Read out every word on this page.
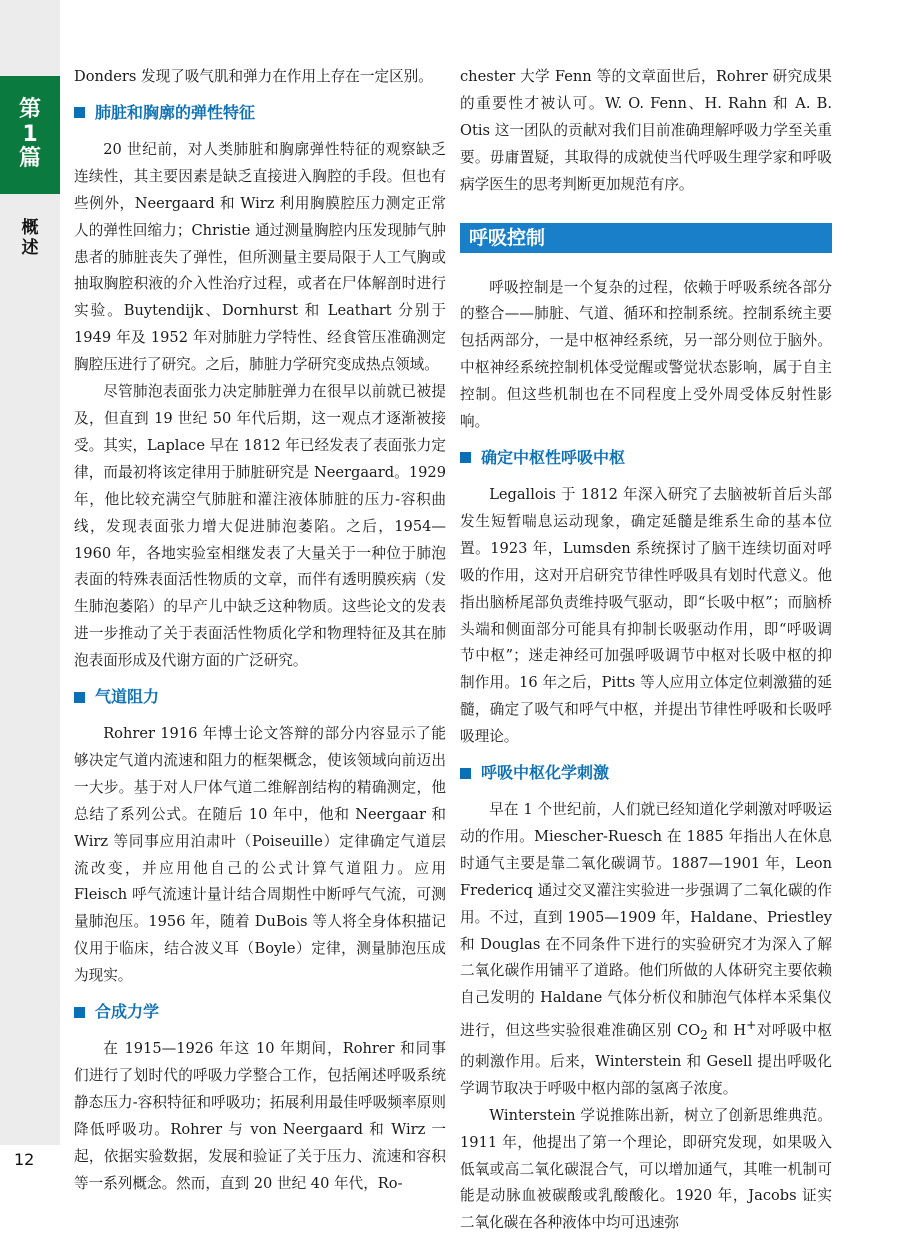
第
1
篇
概
述
12

Donders 发现了吸气肌和弹力在作用上存在一定区别。

肺脏和胸廓的弹性特征

20 世纪前，对人类肺脏和胸廓弹性特征的观察缺乏连续性，其主要因素是缺乏直接进入胸腔的手段。但也有些例外，Neergaard 和 Wirz 利用胸膜腔压力测定正常人的弹性回缩力；Christie 通过测量胸腔内压发现肺气肿患者的肺脏丧失了弹性，但所测量主要局限于人工气胸或抽取胸腔积液的介入性治疗过程，或者在尸体解剖时进行实验。Buytendijk、Dornhurst 和 Leathart 分别于 1949 年及 1952 年对肺脏力学特性、经食管压准确测定胸腔压进行了研究。之后，肺脏力学研究变成热点领域。

尽管肺泡表面张力决定肺脏弹力在很早以前就已被提及，但直到 19 世纪 50 年代后期，这一观点才逐渐被接受。其实，Laplace 早在 1812 年已经发表了表面张力定律，而最初将该定律用于肺脏研究是 Neergaard。1929 年，他比较充满空气肺脏和灌注液体肺脏的压力-容积曲线，发现表面张力增大促进肺泡萎陷。之后，1954—1960 年，各地实验室相继发表了大量关于一种位于肺泡表面的特殊表面活性物质的文章，而伴有透明膜疾病（发生肺泡萎陷）的早产儿中缺乏这种物质。这些论文的发表进一步推动了关于表面活性物质化学和物理特征及其在肺泡表面形成及代谢方面的广泛研究。

气道阻力

Rohrer 1916 年博士论文答辩的部分内容显示了能够决定气道内流速和阻力的框架概念，使该领域向前迈出一大步。基于对人尸体气道二维解剖结构的精确测定，他总结了系列公式。在随后 10 年中，他和 Neergaar 和 Wirz 等同事应用泊肃叶（Poiseuille）定律确定气道层流改变，并应用他自己的公式计算气道阻力。应用 Fleisch 呼气流速计量计结合周期性中断呼气气流，可测量肺泡压。1956 年，随着 DuBois 等人将全身体积描记仪用于临床，结合波义耳（Boyle）定律，测量肺泡压成为现实。

合成力学

在 1915—1926 年这 10 年期间，Rohrer 和同事们进行了划时代的呼吸力学整合工作，包括阐述呼吸系统静态压力-容积特征和呼吸功；拓展利用最佳呼吸频率原则降低呼吸功。Rohrer 与 von Neergaard 和 Wirz 一起，依据实验数据，发展和验证了关于压力、流速和容积等一系列概念。然而，直到 20 世纪 40 年代，Ro-

chester 大学 Fenn 等的文章面世后，Rohrer 研究成果的重要性才被认可。W. O. Fenn、H. Rahn 和 A. B. Otis 这一团队的贡献对我们目前准确理解呼吸力学至关重要。毋庸置疑，其取得的成就使当代呼吸生理学家和呼吸病学医生的思考判断更加规范有序。

呼吸控制

呼吸控制是一个复杂的过程，依赖于呼吸系统各部分的整合——肺脏、气道、循环和控制系统。控制系统主要包括两部分，一是中枢神经系统，另一部分则位于脑外。中枢神经系统控制机体受觉醒或警觉状态影响，属于自主控制。但这些机制也在不同程度上受外周受体反射性影响。

确定中枢性呼吸中枢

Legallois 于 1812 年深入研究了去脑被斩首后头部发生短暂喘息运动现象，确定延髓是维系生命的基本位置。1923 年，Lumsden 系统探讨了脑干连续切面对呼吸的作用，这对开启研究节律性呼吸具有划时代意义。他指出脑桥尾部负责维持吸气驱动，即“长吸中枢”；而脑桥头端和侧面部分可能具有抑制长吸驱动作用，即“呼吸调节中枢”；迷走神经可加强呼吸调节中枢对长吸中枢的抑制作用。16 年之后，Pitts 等人应用立体定位刺激猫的延髓，确定了吸气和呼气中枢，并提出节律性呼吸和长吸呼吸理论。

呼吸中枢化学刺激

早在 1 个世纪前，人们就已经知道化学刺激对呼吸运动的作用。Miescher-Ruesch 在 1885 年指出人在休息时通气主要是靠二氧化碳调节。1887—1901 年，Leon Fredericq 通过交叉灌注实验进一步强调了二氧化碳的作用。不过，直到 1905—1909 年，Haldane、Priestley 和 Douglas 在不同条件下进行的实验研究才为深入了解二氧化碳作用铺平了道路。他们所做的人体研究主要依赖自己发明的 Haldane 气体分析仪和肺泡气体样本采集仪进行，但这些实验很难准确区别 $CO_2$ 和 H+对呼吸中枢的刺激作用。后来，Winterstein 和 Gesell 提出呼吸化学调节取决于呼吸中枢内部的氢离子浓度。

Winterstein 学说推陈出新，树立了创新思维典范。1911 年，他提出了第一个理论，即研究发现，如果吸入低氧或高二氧化碳混合气，可以增加通气，其唯一机制可能是动脉血被碳酸或乳酸酸化。1920 年，Jacobs 证实二氧化碳在各种液体中均可迅速弥
